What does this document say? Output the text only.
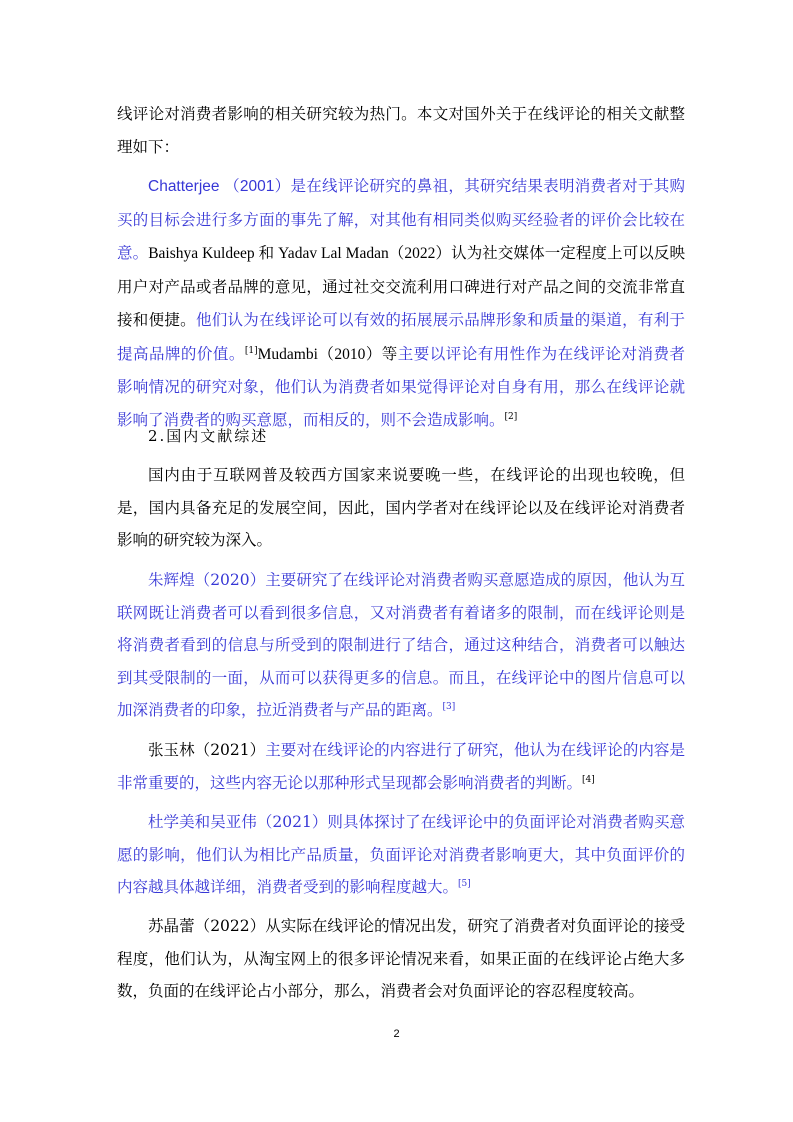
线评论对消费者影响的相关研究较为热门。本文对国外关于在线评论的相关文献整理如下：

Chatterjee （2001）是在线评论研究的鼻祖，其研究结果表明消费者对于其购买的目标会进行多方面的事先了解，对其他有相同类似购买经验者的评价会比较在意。Baishya Kuldeep 和 Yadav Lal Madan（2022）认为社交媒体一定程度上可以反映用户对产品或者品牌的意见，通过社交交流利用口碑进行对产品之间的交流非常直接和便捷。他们认为在线评论可以有效的拓展展示品牌形象和质量的渠道，有利于提高品牌的价值。[1]Mudambi（2010）等主要以评论有用性作为在线评论对消费者影响情况的研究对象，他们认为消费者如果觉得评论对自身有用，那么在线评论就影响了消费者的购买意愿，而相反的，则不会造成影响。[2]

2.国内文献综述

国内由于互联网普及较西方国家来说要晚一些，在线评论的出现也较晚，但是，国内具备充足的发展空间，因此，国内学者对在线评论以及在线评论对消费者影响的研究较为深入。

朱辉煌（2020）主要研究了在线评论对消费者购买意愿造成的原因，他认为互联网既让消费者可以看到很多信息，又对消费者有着诸多的限制，而在线评论则是将消费者看到的信息与所受到的限制进行了结合，通过这种结合，消费者可以触达到其受限制的一面，从而可以获得更多的信息。而且，在线评论中的图片信息可以加深消费者的印象，拉近消费者与产品的距离。[3]

张玉林（2021）主要对在线评论的内容进行了研究，他认为在线评论的内容是非常重要的，这些内容无论以那种形式呈现都会影响消费者的判断。[4]

杜学美和吴亚伟（2021）则具体探讨了在线评论中的负面评论对消费者购买意愿的影响，他们认为相比产品质量，负面评论对消费者影响更大，其中负面评价的内容越具体越详细，消费者受到的影响程度越大。[5]

苏晶蕾（2022）从实际在线评论的情况出发，研究了消费者对负面评论的接受程度，他们认为，从淘宝网上的很多评论情况来看，如果正面的在线评论占绝大多数，负面的在线评论占小部分，那么，消费者会对负面评论的容忍程度较高。

2
